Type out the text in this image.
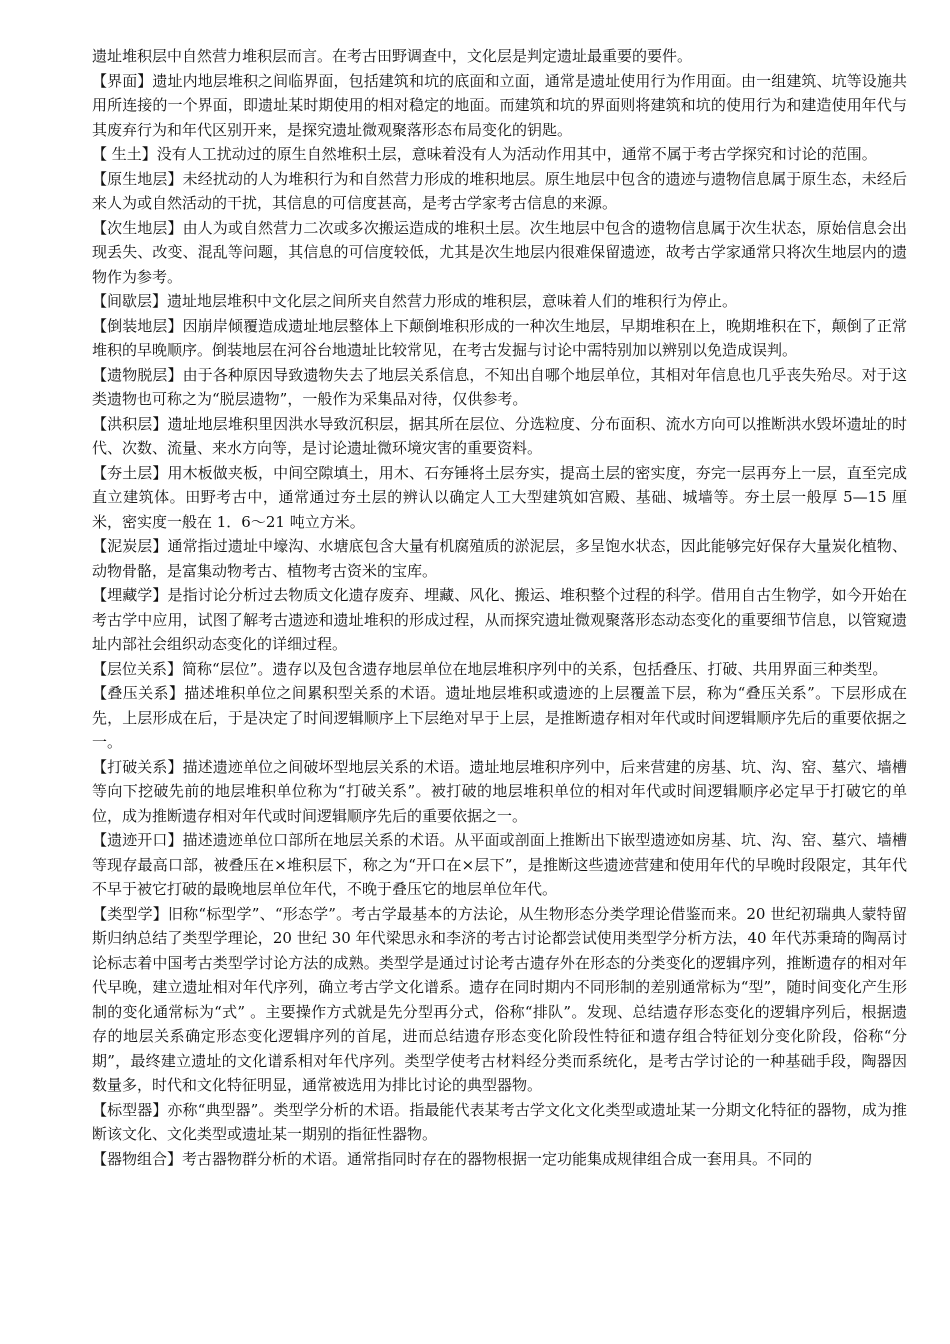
遗址堆积层中自然营力堆积层而言。在考古田野调查中，文化层是判定遗址最重要的要件。

【界面】遗址内地层堆积之间临界面，包括建筑和坑的底面和立面，通常是遗址使用行为作用面。由一组建筑、坑等设施共用所连接的一个界面，即遗址某时期使用的相对稳定的地面。而建筑和坑的界面则将建筑和坑的使用行为和建造使用年代与其废弃行为和年代区别开来，是探究遗址微观聚落形态布局变化的钥匙。

【 生土】没有人工扰动过的原生自然堆积土层，意味着没有人为活动作用其中，通常不属于考古学探究和讨论的范围。

【原生地层】未经扰动的人为堆积行为和自然营力形成的堆积地层。原生地层中包含的遗迹与遗物信息属于原生态，未经后来人为或自然活动的干扰，其信息的可信度甚高，是考古学家考古信息的来源。

【次生地层】由人为或自然营力二次或多次搬运造成的堆积土层。次生地层中包含的遗物信息属于次生状态，原始信息会出现丢失、改变、混乱等问题，其信息的可信度较低，尤其是次生地层内很难保留遗迹，故考古学家通常只将次生地层内的遗物作为参考。

【间歇层】遗址地层堆积中文化层之间所夹自然营力形成的堆积层，意味着人们的堆积行为停止。

【倒装地层】因崩岸倾覆造成遗址地层整体上下颠倒堆积形成的一种次生地层，早期堆积在上，晚期堆积在下，颠倒了正常堆积的早晚顺序。倒装地层在河谷台地遗址比较常见，在考古发掘与讨论中需特别加以辨别以免造成误判。

【遗物脱层】由于各种原因导致遗物失去了地层关系信息，不知出自哪个地层单位，其相对年信息也几乎丧失殆尽。对于这类遗物也可称之为“脱层遗物”，一般作为采集品对待，仅供参考。

【洪积层】遗址地层堆积里因洪水导致沉积层，据其所在层位、分选粒度、分布面积、流水方向可以推断洪水毁坏遗址的时代、次数、流量、来水方向等，是讨论遗址微环境灾害的重要资料。

【夯土层】用木板做夹板，中间空隙填土，用木、石夯锤将土层夯实，提高土层的密实度，夯完一层再夯上一层，直至完成直立建筑体。田野考古中，通常通过夯土层的辨认以确定人工大型建筑如宫殿、基础、城墙等。夯土层一般厚 5—15 厘米，密实度一般在 1．6～21 吨立方米。

【泥炭层】通常指过遗址中壕沟、水塘底包含大量有机腐殖质的淤泥层，多呈饱水状态，因此能够完好保存大量炭化植物、动物骨骼，是富集动物考古、植物考古资米的宝库。

【埋藏学】是指讨论分析过去物质文化遗存废弃、埋藏、风化、搬运、堆积整个过程的科学。借用自古生物学，如今开始在考古学中应用，试图了解考古遗迹和遗址堆积的形成过程，从而探究遗址微观聚落形态动态变化的重要细节信息，以管窥遗址内部社会组织动态变化的详细过程。

【层位关系】简称“层位”。遗存以及包含遗存地层单位在地层堆积序列中的关系，包括叠压、打破、共用界面三种类型。

【叠压关系】描述堆积单位之间累积型关系的术语。遗址地层堆积或遗迹的上层覆盖下层，称为“叠压关系”。下层形成在先，上层形成在后，于是决定了时间逻辑顺序上下层绝对早于上层，是推断遗存相对年代或时间逻辑顺序先后的重要依据之一。

【打破关系】描述遗迹单位之间破坏型地层关系的术语。遗址地层堆积序列中，后来营建的房基、坑、沟、窑、墓穴、墙槽等向下挖破先前的地层堆积单位称为“打破关系”。被打破的地层堆积单位的相对年代或时间逻辑顺序必定早于打破它的单位，成为推断遗存相对年代或时间逻辑顺序先后的重要依据之一。

【遗迹开口】描述遗迹单位口部所在地层关系的术语。从平面或剖面上推断出下嵌型遗迹如房基、坑、沟、窑、墓穴、墙槽等现存最高口部，被叠压在×堆积层下，称之为“开口在×层下”，是推断这些遗迹营建和使用年代的早晚时段限定，其年代不早于被它打破的最晚地层单位年代，不晚于叠压它的地层单位年代。

【类型学】旧称“标型学”、“形态学”。考古学最基本的方法论，从生物形态分类学理论借鉴而来。20 世纪初瑞典人蒙特留斯归纳总结了类型学理论，20 世纪 30 年代梁思永和李济的考古讨论都尝试使用类型学分析方法，40 年代苏秉琦的陶鬲讨论标志着中国考古类型学讨论方法的成熟。类型学是通过讨论考古遗存外在形态的分类变化的逻辑序列，推断遗存的相对年代早晚，建立遗址相对年代序列，确立考古学文化谱系。遗存在同时期内不同形制的差别通常标为“型”，随时间变化产生形制的变化通常标为“式” 。主要操作方式就是先分型再分式，俗称“排队”。发现、总结遗存形态变化的逻辑序列后，根据遗存的地层关系确定形态变化逻辑序列的首尾，进而总结遗存形态变化阶段性特征和遗存组合特征划分变化阶段，俗称“分期”，最终建立遗址的文化谱系相对年代序列。类型学使考古材料经分类而系统化，是考古学讨论的一种基础手段，陶器因数量多，时代和文化特征明显，通常被选用为排比讨论的典型器物。

【标型器】亦称“典型器”。类型学分析的术语。指最能代表某考古学文化文化类型或遗址某一分期文化特征的器物，成为推断该文化、文化类型或遗址某一期别的指征性器物。

【器物组合】考古器物群分析的术语。通常指同时存在的器物根据一定功能集成规律组合成一套用具。不同的
